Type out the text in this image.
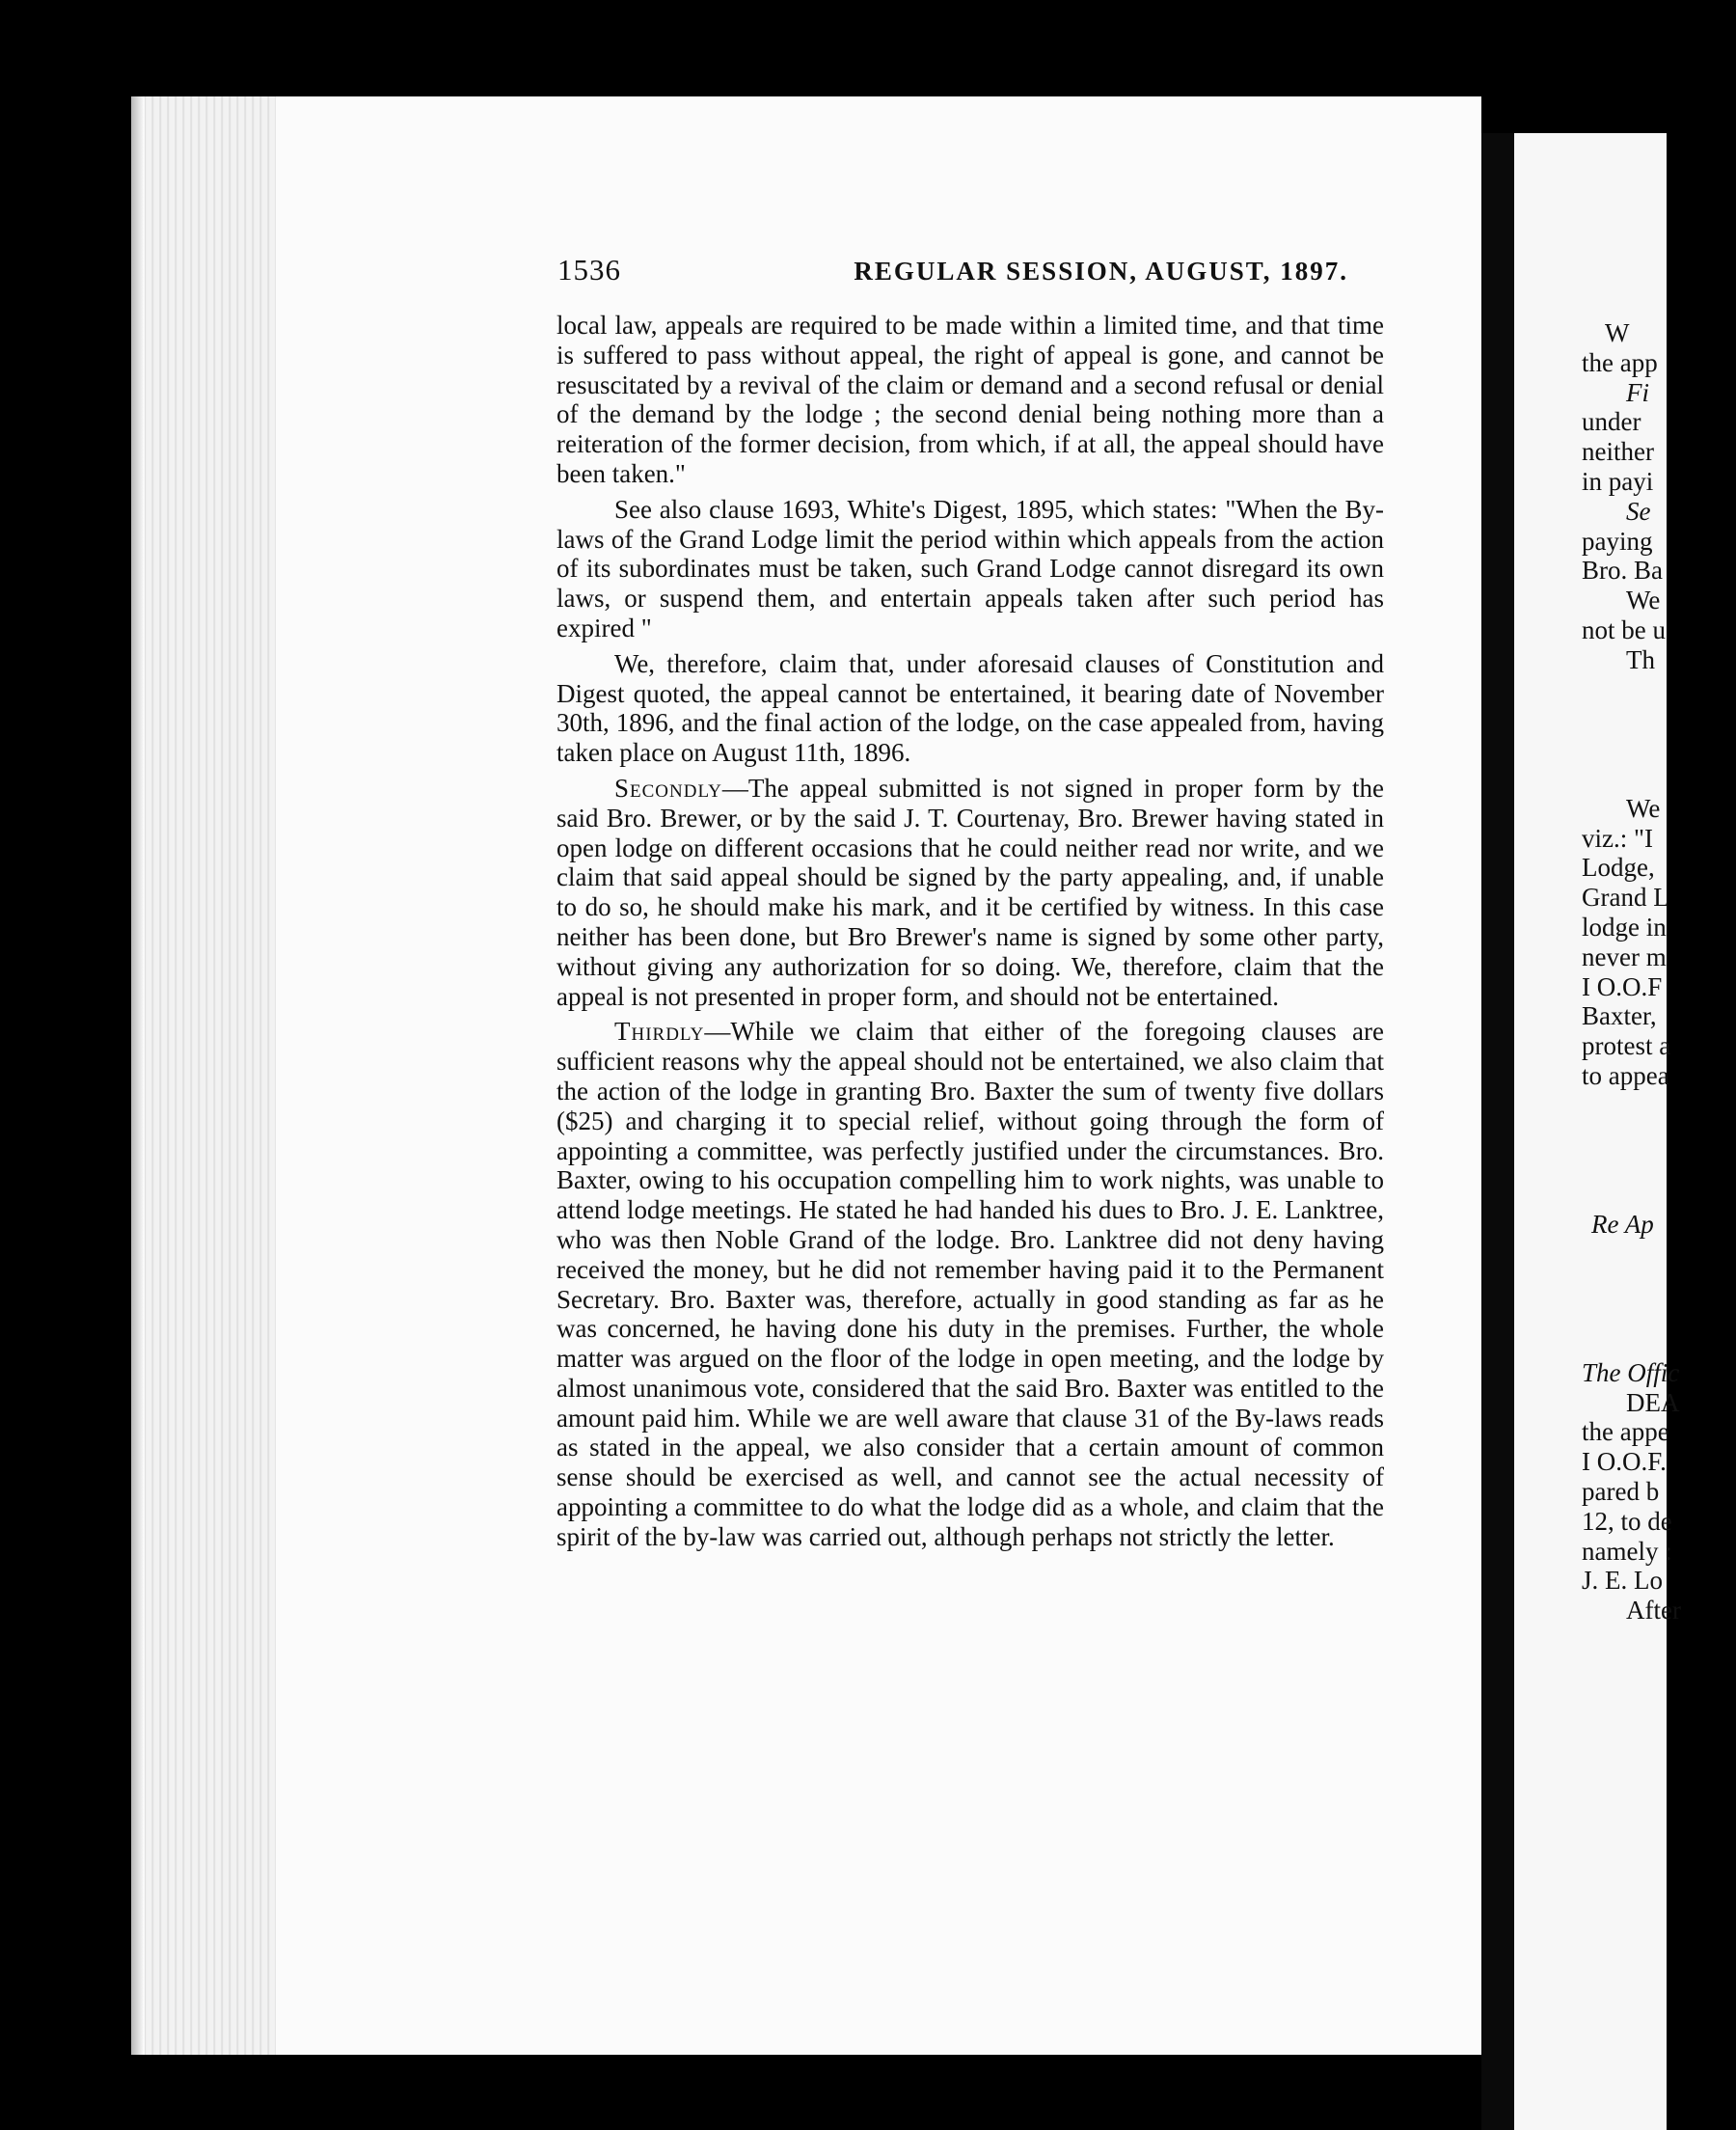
1536	REGULAR SESSION, AUGUST, 1897.

local law, appeals are required to be made within a limited time, and that time is suffered to pass without appeal, the right of appeal is gone, and cannot be resuscitated by a revival of the claim or demand and a second refusal or denial of the demand by the lodge ; the second denial being nothing more than a reiteration of the former decision, from which, if at all, the appeal should have been taken."

See also clause 1693, White's Digest, 1895, which states: "When the By-laws of the Grand Lodge limit the period within which appeals from the action of its subordinates must be taken, such Grand Lodge cannot disregard its own laws, or suspend them, and entertain appeals taken after such period has expired "

We, therefore, claim that, under aforesaid clauses of Constitution and Digest quoted, the appeal cannot be entertained, it bearing date of November 30th, 1896, and the final action of the lodge, on the case appealed from, having taken place on August 11th, 1896.

Secondly—The appeal submitted is not signed in proper form by the said Bro. Brewer, or by the said J. T. Courtenay, Bro. Brewer having stated in open lodge on different occasions that he could neither read nor write, and we claim that said appeal should be signed by the party appealing, and, if unable to do so, he should make his mark, and it be certified by witness. In this case neither has been done, but Bro Brewer's name is signed by some other party, without giving any authorization for so doing. We, therefore, claim that the appeal is not presented in proper form, and should not be entertained.

Thirdly—While we claim that either of the foregoing clauses are sufficient reasons why the appeal should not be entertained, we also claim that the action of the lodge in granting Bro. Baxter the sum of twenty five dollars ($25) and charging it to special relief, without going through the form of appointing a committee, was perfectly justified under the circumstances. Bro. Baxter, owing to his occupation compelling him to work nights, was unable to attend lodge meetings. He stated he had handed his dues to Bro. J. E. Lanktree, who was then Noble Grand of the lodge. Bro. Lanktree did not deny having received the money, but he did not remember having paid it to the Permanent Secretary. Bro. Baxter was, therefore, actually in good standing as far as he was concerned, he having done his duty in the premises. Further, the whole matter was argued on the floor of the lodge in open meeting, and the lodge by almost unanimous vote, considered that the said Bro. Baxter was entitled to the amount paid him. While we are well aware that clause 31 of the By-laws reads as stated in the appeal, we also consider that a certain amount of common sense should be exercised as well, and cannot see the actual necessity of appointing a committee to do what the lodge did as a whole, and claim that the spirit of the by-law was carried out, although perhaps not strictly the letter.

W
the app
Fi
under
neither
in payi
Se
paying
Bro. Ba
We
not be u
Th
We
viz.: "I
Lodge,
Grand L
lodge in
never m
I O.O.F
Baxter,
protest a
to appea
Re Ap
The Offic
DEA
the appe
I O.O.F.
pared b
12, to de
namely :
J. E. Lo
After
